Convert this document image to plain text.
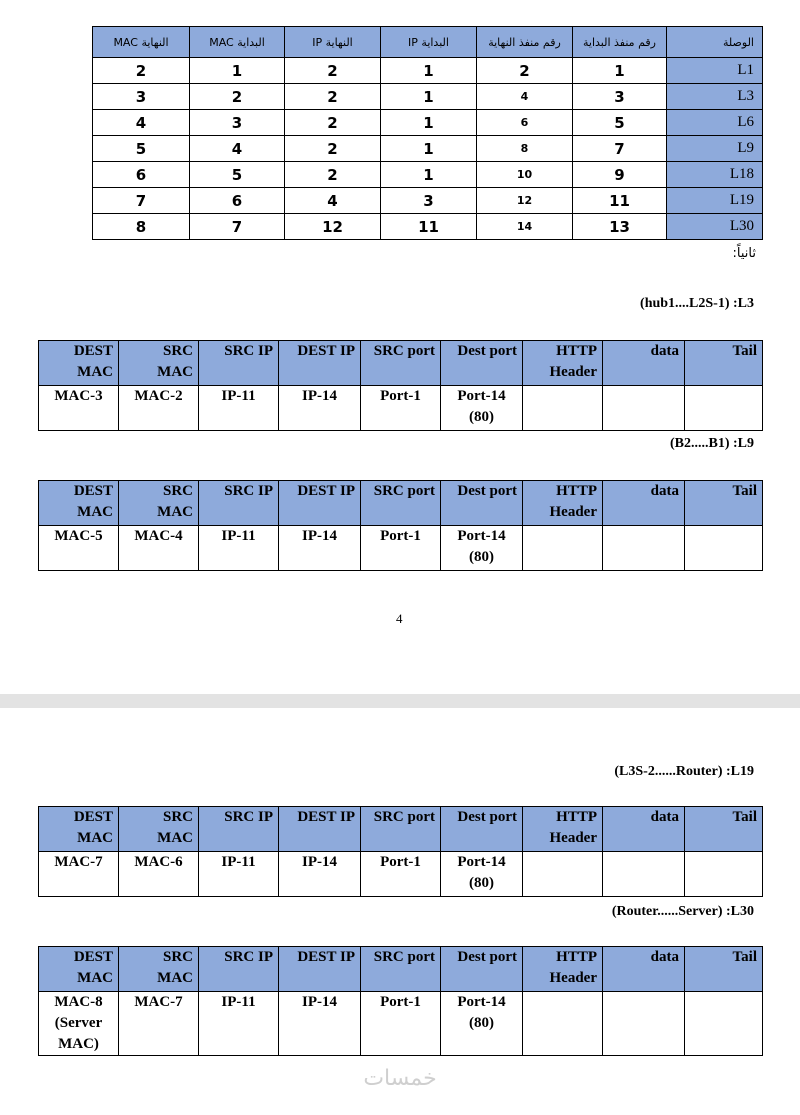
MAC النهاية	MAC البداية	IP النهاية	IP البداية	رقم منفذ النهاية	رقم منفذ البداية	الوصلة
2	1	2	1	2	1	L1
3	2	2	1	4	3	L3
4	3	2	1	6	5	L6
5	4	2	1	8	7	L9
6	5	2	1	10	9	L18
7	6	4	3	12	11	L19
8	7	12	11	14	13	L30
ثانياً:
(hub1....L2S-1) :L3
DEST MAC	SRC MAC	SRC IP	DEST IP	SRC port	Dest port	HTTP Header	data	Tail
MAC-3	MAC-2	IP-11	IP-14	Port-1	Port-14 (80)			
(B2.....B1) :L9
DEST MAC	SRC MAC	SRC IP	DEST IP	SRC port	Dest port	HTTP Header	data	Tail
MAC-5	MAC-4	IP-11	IP-14	Port-1	Port-14 (80)			
4
(L3S-2......Router) :L19
DEST MAC	SRC MAC	SRC IP	DEST IP	SRC port	Dest port	HTTP Header	data	Tail
MAC-7	MAC-6	IP-11	IP-14	Port-1	Port-14 (80)			
(Router......Server) :L30
DEST MAC	SRC MAC	SRC IP	DEST IP	SRC port	Dest port	HTTP Header	data	Tail
MAC-8 (Server MAC)	MAC-7	IP-11	IP-14	Port-1	Port-14 (80)			
خمسات
